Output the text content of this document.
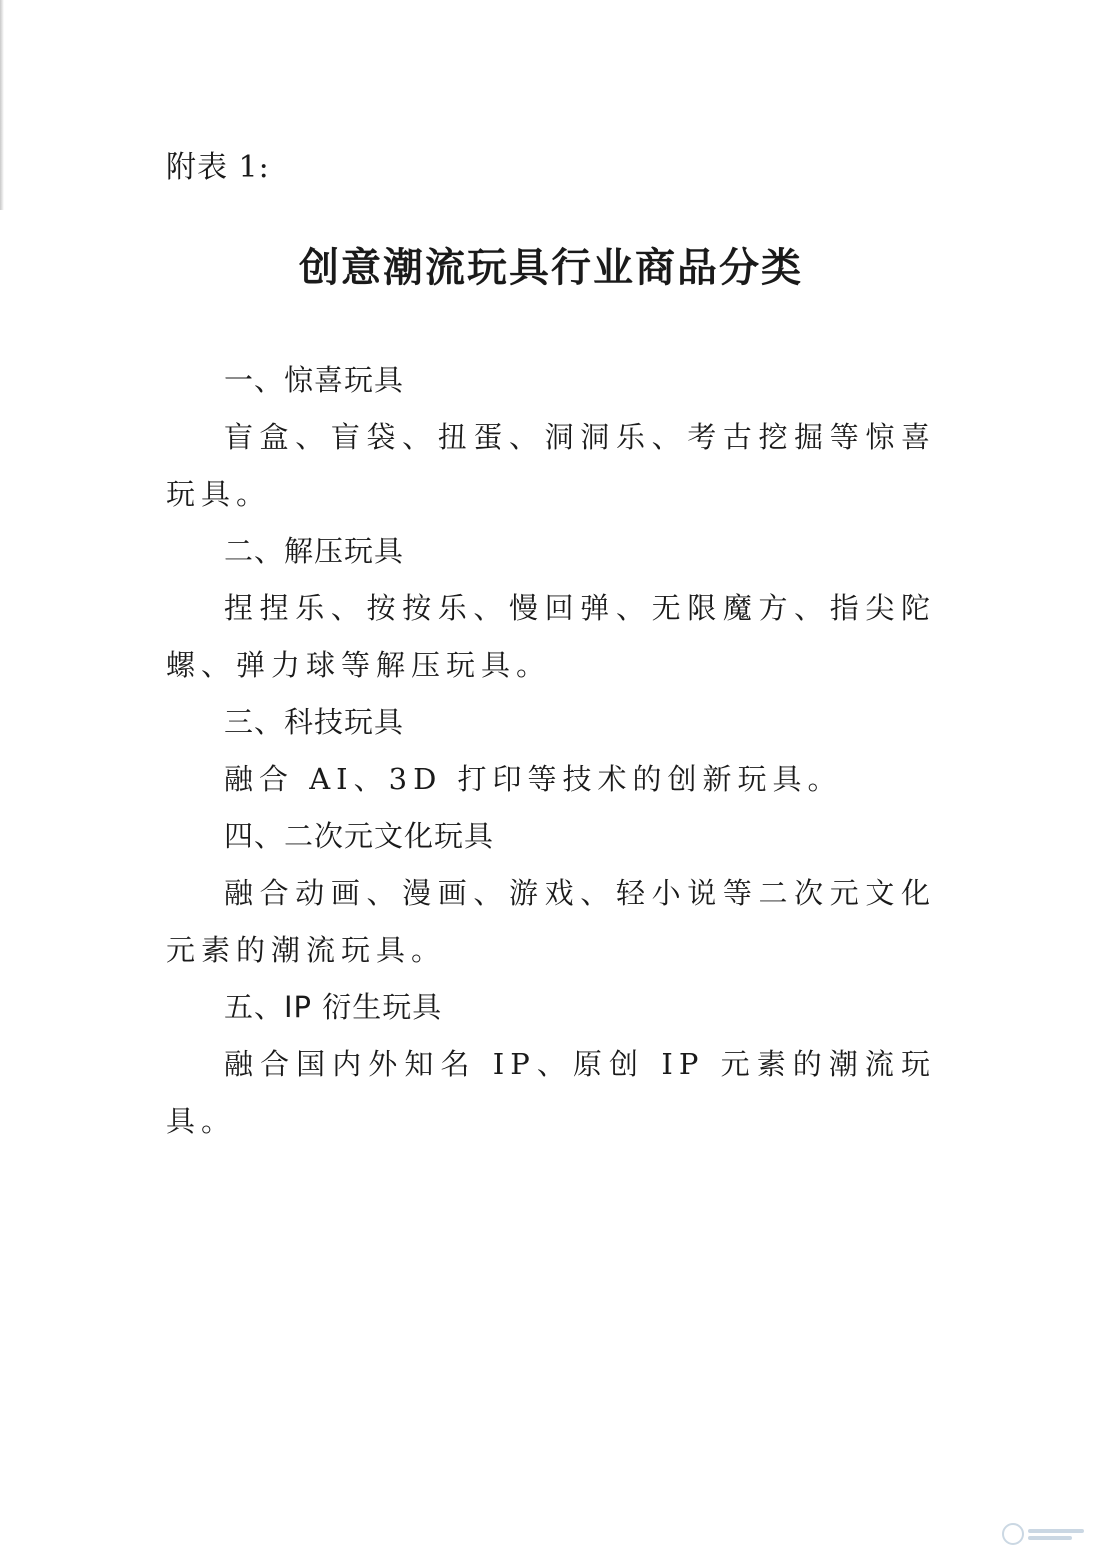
附表 1:
创意潮流玩具行业商品分类

一、惊喜玩具

盲盒、盲袋、扭蛋、洞洞乐、考古挖掘等惊喜玩具。

二、解压玩具

捏捏乐、按按乐、慢回弹、无限魔方、指尖陀螺、弹力球等解压玩具。

三、科技玩具

融合 AI、3D 打印等技术的创新玩具。

四、二次元文化玩具

融合动画、漫画、游戏、轻小说等二次元文化元素的潮流玩具。

五、IP 衍生玩具

融合国内外知名 IP、原创 IP 元素的潮流玩具。
